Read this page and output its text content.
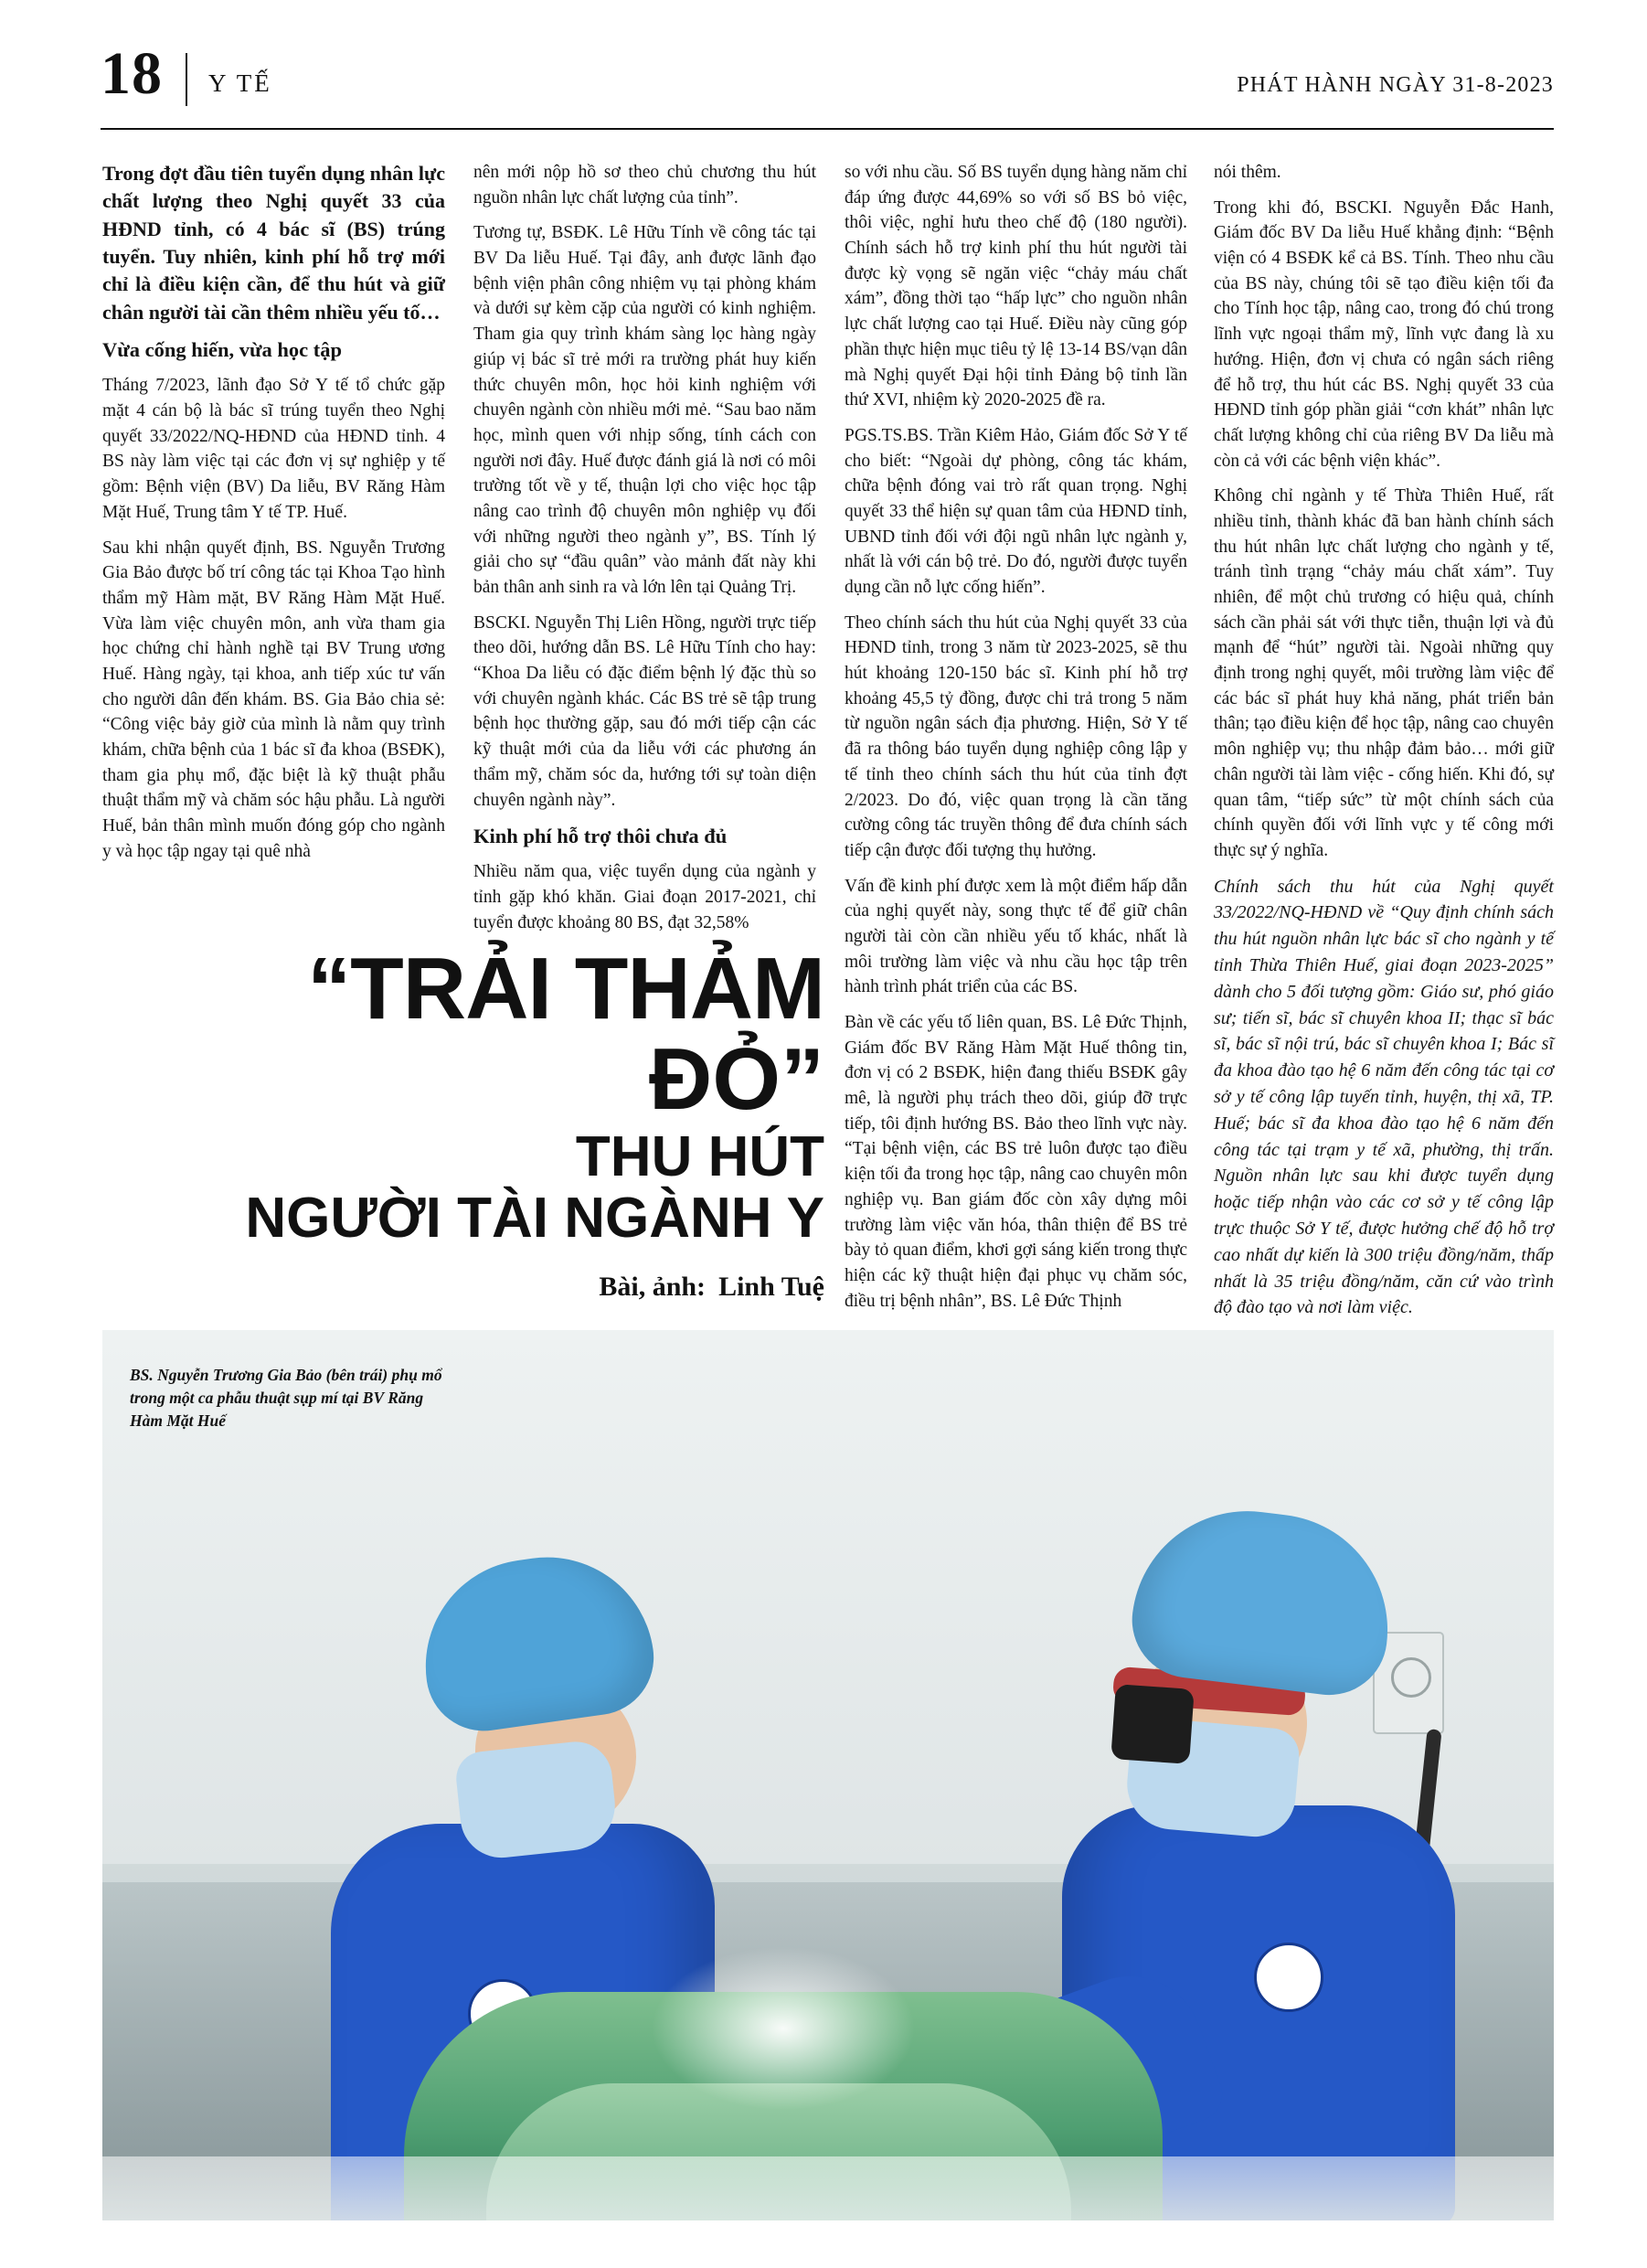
18 Y TẾ	PHÁT HÀNH NGÀY 31-8-2023

Trong đợt đầu tiên tuyển dụng nhân lực chất lượng theo Nghị quyết 33 của HĐND tỉnh, có 4 bác sĩ (BS) trúng tuyển. Tuy nhiên, kinh phí hỗ trợ mới chỉ là điều kiện cần, để thu hút và giữ chân người tài cần thêm nhiều yếu tố…

Vừa cống hiến, vừa học tập

Tháng 7/2023, lãnh đạo Sở Y tế tổ chức gặp mặt 4 cán bộ là bác sĩ trúng tuyển theo Nghị quyết 33/2022/NQ-HĐND của HĐND tỉnh. 4 BS này làm việc tại các đơn vị sự nghiệp y tế gồm: Bệnh viện (BV) Da liễu, BV Răng Hàm Mặt Huế, Trung tâm Y tế TP. Huế.

Sau khi nhận quyết định, BS. Nguyễn Trương Gia Bảo được bố trí công tác tại Khoa Tạo hình thẩm mỹ Hàm mặt, BV Răng Hàm Mặt Huế. Vừa làm việc chuyên môn, anh vừa tham gia học chứng chỉ hành nghề tại BV Trung ương Huế. Hàng ngày, tại khoa, anh tiếp xúc tư vấn cho người dân đến khám. BS. Gia Bảo chia sẻ: “Công việc bảy giờ của mình là nằm quy trình khám, chữa bệnh của 1 bác sĩ đa khoa (BSĐK), tham gia phụ mổ, đặc biệt là kỹ thuật phẫu thuật thẩm mỹ và chăm sóc hậu phẫu. Là người Huế, bản thân mình muốn đóng góp cho ngành y và học tập ngay tại quê nhà

nên mới nộp hồ sơ theo chủ chương thu hút nguồn nhân lực chất lượng của tỉnh”.

Tương tự, BSĐK. Lê Hữu Tính về công tác tại BV Da liễu Huế. Tại đây, anh được lãnh đạo bệnh viện phân công nhiệm vụ tại phòng khám và dưới sự kèm cặp của người có kinh nghiệm. Tham gia quy trình khám sàng lọc hàng ngày giúp vị bác sĩ trẻ mới ra trường phát huy kiến thức chuyên môn, học hỏi kinh nghiệm với chuyên ngành còn nhiều mới mẻ. “Sau bao năm học, mình quen với nhịp sống, tính cách con người nơi đây. Huế được đánh giá là nơi có môi trường tốt về y tế, thuận lợi cho việc học tập nâng cao trình độ chuyên môn nghiệp vụ đối với những người theo ngành y”, BS. Tính lý giải cho sự “đầu quân” vào mảnh đất này khi bản thân anh sinh ra và lớn lên tại Quảng Trị.

BSCKI. Nguyễn Thị Liên Hồng, người trực tiếp theo dõi, hướng dẫn BS. Lê Hữu Tính cho hay: “Khoa Da liễu có đặc điểm bệnh lý đặc thù so với chuyên ngành khác. Các BS trẻ sẽ tập trung bệnh học thường gặp, sau đó mới tiếp cận các kỹ thuật mới của da liễu với các phương án thẩm mỹ, chăm sóc da, hướng tới sự toàn diện chuyên ngành này”.

Kinh phí hỗ trợ thôi chưa đủ

Nhiều năm qua, việc tuyển dụng của ngành y tỉnh gặp khó khăn. Giai đoạn 2017-2021, chỉ tuyển được khoảng 80 BS, đạt 32,58%

so với nhu cầu. Số BS tuyển dụng hàng năm chỉ đáp ứng được 44,69% so với số BS bỏ việc, thôi việc, nghỉ hưu theo chế độ (180 người). Chính sách hỗ trợ kinh phí thu hút người tài được kỳ vọng sẽ ngăn việc “chảy máu chất xám”, đồng thời tạo “hấp lực” cho nguồn nhân lực chất lượng cao tại Huế. Điều này cũng góp phần thực hiện mục tiêu tỷ lệ 13-14 BS/vạn dân mà Nghị quyết Đại hội tỉnh Đảng bộ tỉnh lần thứ XVI, nhiệm kỳ 2020-2025 đề ra.

PGS.TS.BS. Trần Kiêm Hảo, Giám đốc Sở Y tế cho biết: “Ngoài dự phòng, công tác khám, chữa bệnh đóng vai trò rất quan trọng. Nghị quyết 33 thể hiện sự quan tâm của HĐND tỉnh, UBND tỉnh đối với đội ngũ nhân lực ngành y, nhất là với cán bộ trẻ. Do đó, người được tuyển dụng cần nỗ lực cống hiến”.

Theo chính sách thu hút của Nghị quyết 33 của HĐND tỉnh, trong 3 năm từ 2023-2025, sẽ thu hút khoảng 120-150 bác sĩ. Kinh phí hỗ trợ khoảng 45,5 tỷ đồng, được chi trả trong 5 năm từ nguồn ngân sách địa phương. Hiện, Sở Y tế đã ra thông báo tuyển dụng nghiệp công lập y tế tỉnh theo chính sách thu hút của tỉnh đợt 2/2023. Do đó, việc quan trọng là cần tăng cường công tác truyền thông để đưa chính sách tiếp cận được đối tượng thụ hưởng.

Vấn đề kinh phí được xem là một điểm hấp dẫn của nghị quyết này, song thực tế để giữ chân người tài còn cần nhiều yếu tố khác, nhất là môi trường làm việc và nhu cầu học tập trên hành trình phát triển của các BS.

Bàn về các yếu tố liên quan, BS. Lê Đức Thịnh, Giám đốc BV Răng Hàm Mặt Huế thông tin, đơn vị có 2 BSĐK, hiện đang thiếu BSĐK gây mê, là người phụ trách theo dõi, giúp đỡ trực tiếp, tôi định hướng BS. Bảo theo lĩnh vực này. “Tại bệnh viện, các BS trẻ luôn được tạo điều kiện tối đa trong học tập, nâng cao chuyên môn nghiệp vụ. Ban giám đốc còn xây dựng môi trường làm việc văn hóa, thân thiện để BS trẻ bày tỏ quan điểm, khơi gợi sáng kiến trong thực hiện các kỹ thuật hiện đại phục vụ chăm sóc, điều trị bệnh nhân”, BS. Lê Đức Thịnh

nói thêm.

Trong khi đó, BSCKI. Nguyễn Đắc Hanh, Giám đốc BV Da liễu Huế khẳng định: “Bệnh viện có 4 BSĐK kể cả BS. Tính. Theo nhu cầu của BS này, chúng tôi sẽ tạo điều kiện tối đa cho Tính học tập, nâng cao, trong đó chú trong lĩnh vực ngoại thẩm mỹ, lĩnh vực đang là xu hướng. Hiện, đơn vị chưa có ngân sách riêng để hỗ trợ, thu hút các BS. Nghị quyết 33 của HĐND tỉnh góp phần giải “cơn khát” nhân lực chất lượng không chỉ của riêng BV Da liễu mà còn cả với các bệnh viện khác”.

Không chỉ ngành y tế Thừa Thiên Huế, rất nhiều tỉnh, thành khác đã ban hành chính sách thu hút nhân lực chất lượng cho ngành y tế, tránh tình trạng “chảy máu chất xám”. Tuy nhiên, để một chủ trương có hiệu quả, chính sách cần phải sát với thực tiễn, thuận lợi và đủ mạnh để “hút” người tài. Ngoài những quy định trong nghị quyết, môi trường làm việc để các bác sĩ phát huy khả năng, phát triển bản thân; tạo điều kiện để học tập, nâng cao chuyên môn nghiệp vụ; thu nhập đảm bảo… mới giữ chân người tài làm việc - cống hiến. Khi đó, sự quan tâm, “tiếp sức” từ một chính sách của chính quyền đối với lĩnh vực y tế công mới thực sự ý nghĩa.

Chính sách thu hút của Nghị quyết 33/2022/NQ-HĐND về “Quy định chính sách thu hút nguồn nhân lực bác sĩ cho ngành y tế tỉnh Thừa Thiên Huế, giai đoạn 2023-2025” dành cho 5 đối tượng gồm: Giáo sư, phó giáo sư; tiến sĩ, bác sĩ chuyên khoa II; thạc sĩ bác sĩ, bác sĩ nội trú, bác sĩ chuyên khoa I; Bác sĩ đa khoa đào tạo hệ 6 năm đến công tác tại cơ sở y tế công lập tuyến tỉnh, huyện, thị xã, TP. Huế; bác sĩ đa khoa đào tạo hệ 6 năm đến công tác tại trạm y tế xã, phường, thị trấn. Nguồn nhân lực sau khi được tuyển dụng hoặc tiếp nhận vào các cơ sở y tế công lập trực thuộc Sở Y tế, được hưởng chế độ hỗ trợ cao nhất dự kiến là 300 triệu đồng/năm, thấp nhất là 35 triệu đồng/năm, căn cứ vào trình độ đào tạo và nơi làm việc.

“TRẢI THẢM
ĐỎ”
THU HÚT
NGƯỜI TÀI NGÀNH Y
Bài, ảnh: Linh Tuệ

BS. Nguyễn Trương Gia Bảo (bên trái) phụ mổ trong một ca phẫu thuật sụp mí tại BV Răng Hàm Mặt Huế
